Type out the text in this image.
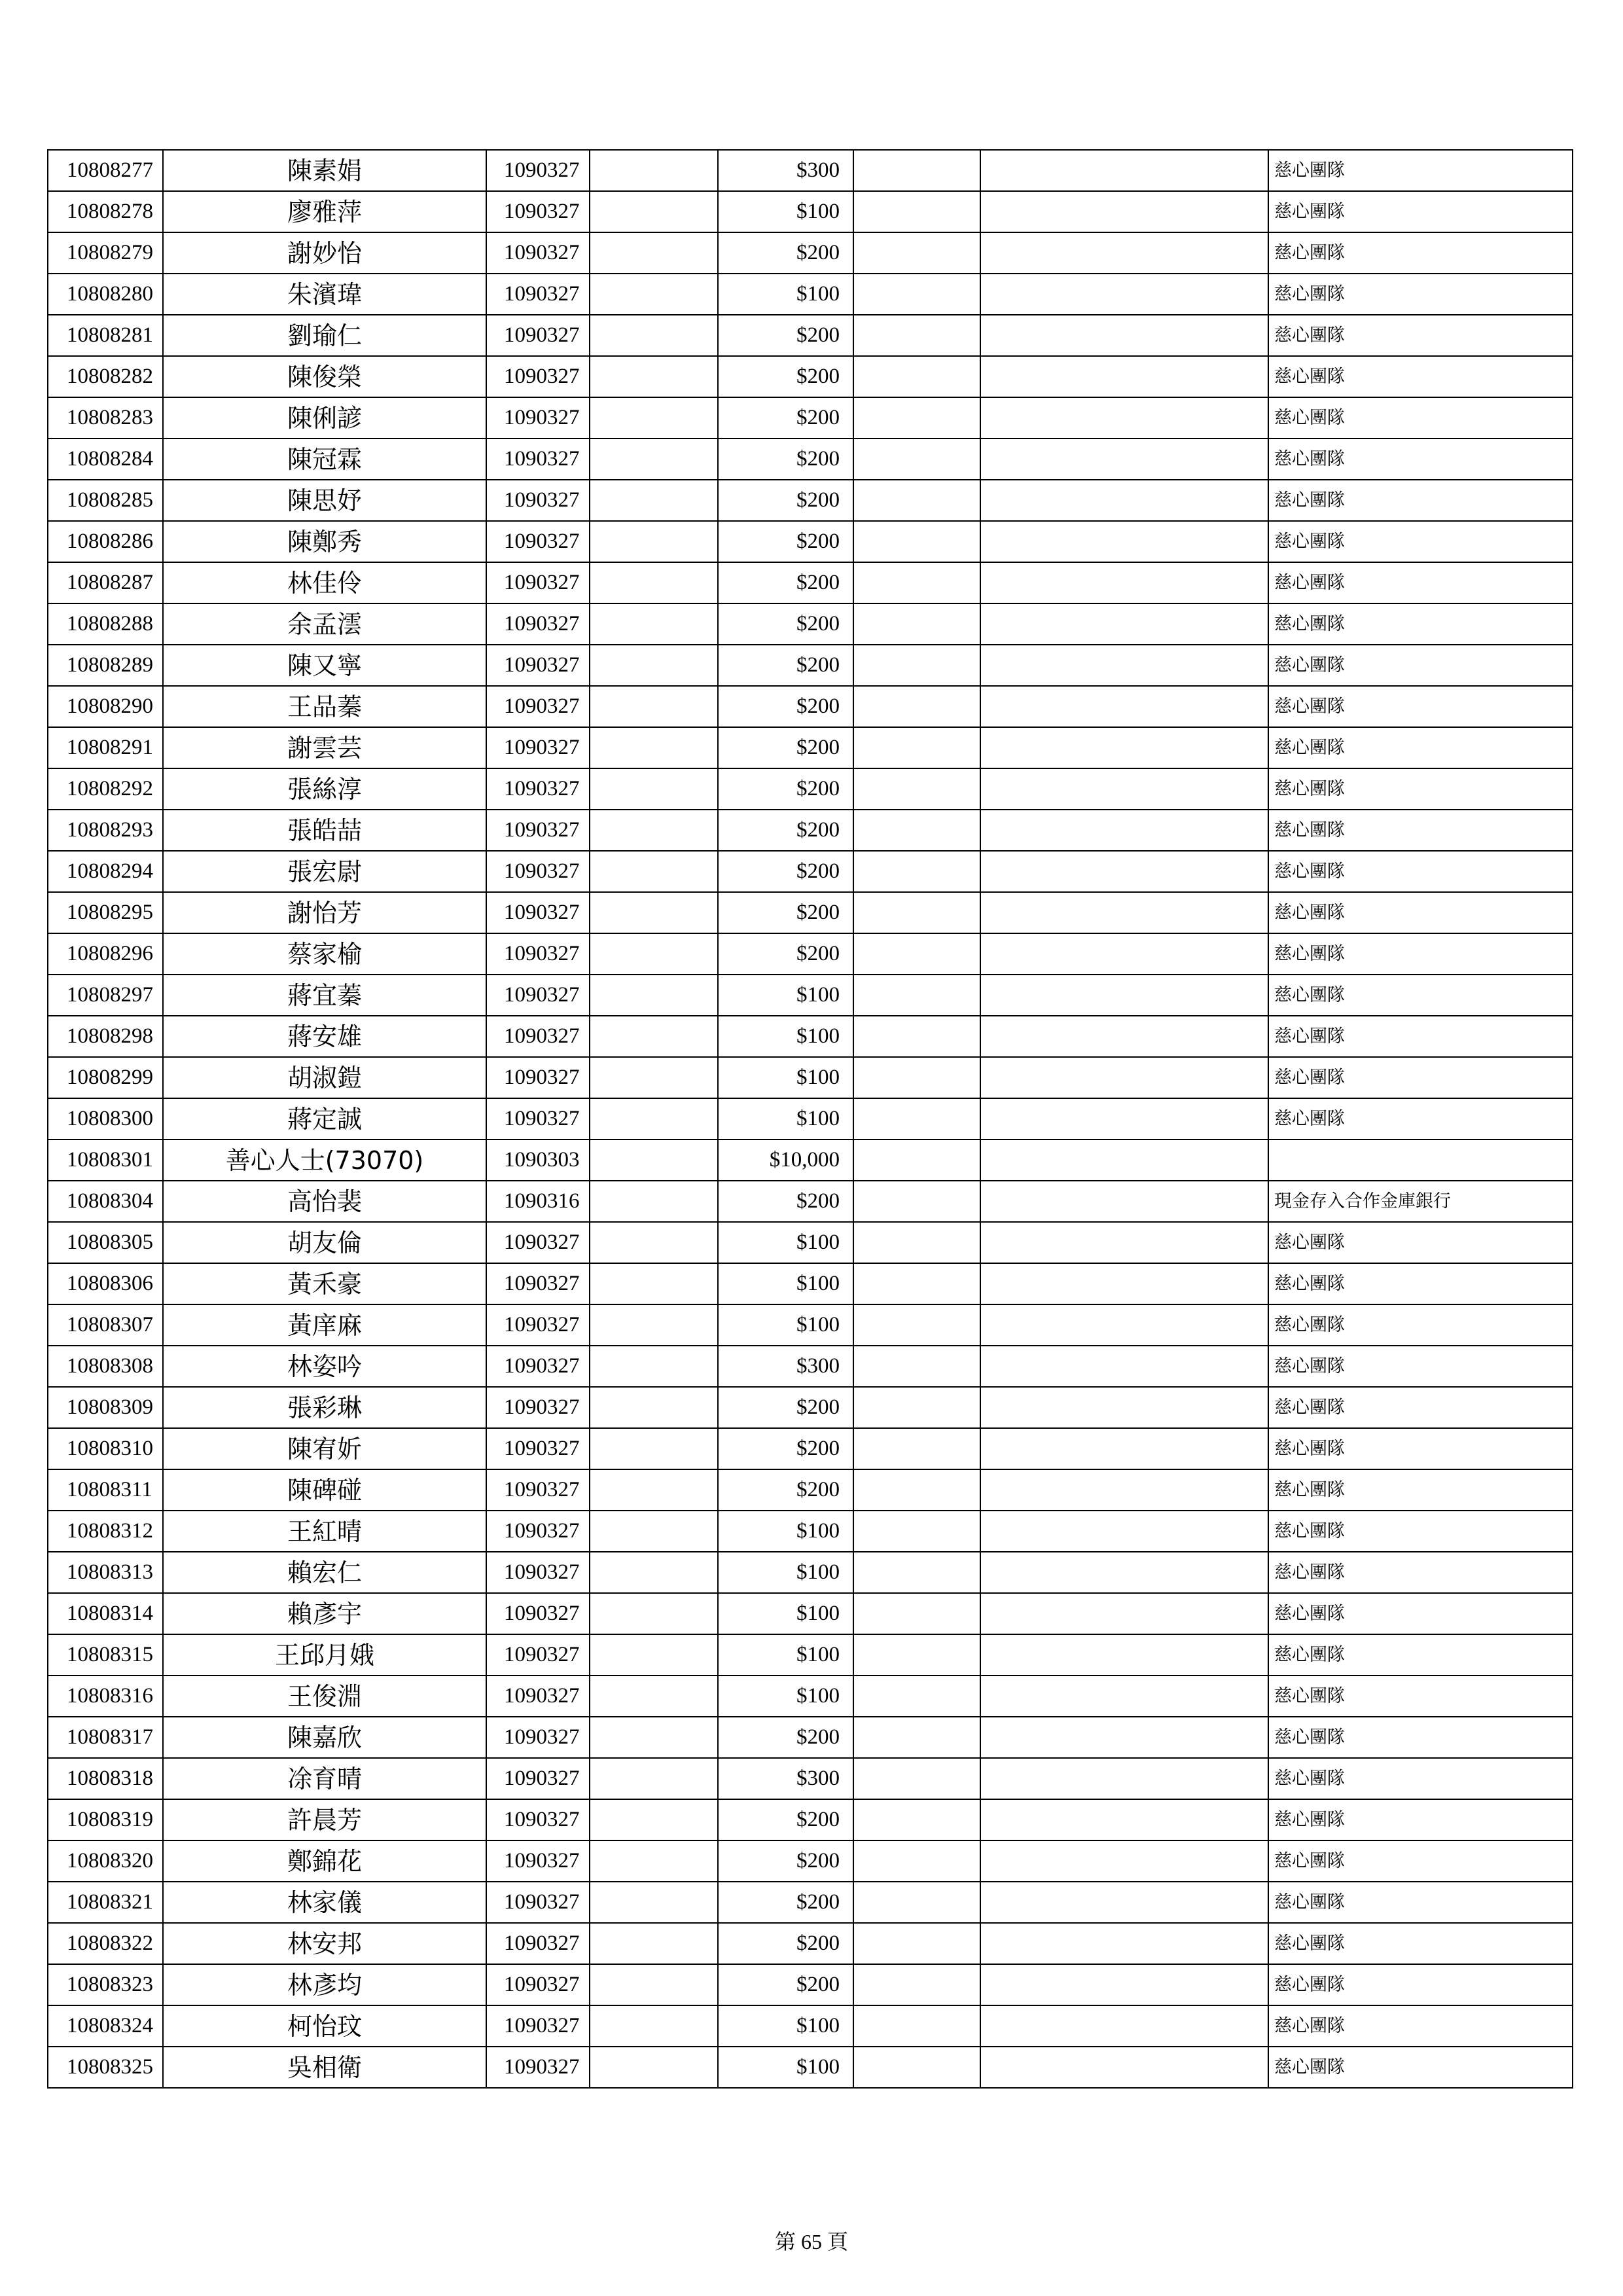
10808277	陳素娟	1090327		$300			慈心團隊
10808278	廖雅萍	1090327		$100			慈心團隊
10808279	謝妙怡	1090327		$200			慈心團隊
10808280	朱濱瑋	1090327		$100			慈心團隊
10808281	劉瑜仁	1090327		$200			慈心團隊
10808282	陳俊榮	1090327		$200			慈心團隊
10808283	陳俐諺	1090327		$200			慈心團隊
10808284	陳冠霖	1090327		$200			慈心團隊
10808285	陳思妤	1090327		$200			慈心團隊
10808286	陳鄭秀	1090327		$200			慈心團隊
10808287	林佳伶	1090327		$200			慈心團隊
10808288	余孟澐	1090327		$200			慈心團隊
10808289	陳又寧	1090327		$200			慈心團隊
10808290	王品蓁	1090327		$200			慈心團隊
10808291	謝雲芸	1090327		$200			慈心團隊
10808292	張絲淳	1090327		$200			慈心團隊
10808293	張皓喆	1090327		$200			慈心團隊
10808294	張宏尉	1090327		$200			慈心團隊
10808295	謝怡芳	1090327		$200			慈心團隊
10808296	蔡家榆	1090327		$200			慈心團隊
10808297	蔣宜蓁	1090327		$100			慈心團隊
10808298	蔣安雄	1090327		$100			慈心團隊
10808299	胡淑鎧	1090327		$100			慈心團隊
10808300	蔣定誠	1090327		$100			慈心團隊
10808301	善心人士(73070)	1090303		$10,000			
10808304	高怡裴	1090316		$200			現金存入合作金庫銀行
10808305	胡友倫	1090327		$100			慈心團隊
10808306	黃禾豪	1090327		$100			慈心團隊
10808307	黃庠麻	1090327		$100			慈心團隊
10808308	林姿吟	1090327		$300			慈心團隊
10808309	張彩琳	1090327		$200			慈心團隊
10808310	陳宥妡	1090327		$200			慈心團隊
10808311	陳碑碰	1090327		$200			慈心團隊
10808312	王紅晴	1090327		$100			慈心團隊
10808313	賴宏仁	1090327		$100			慈心團隊
10808314	賴彥宇	1090327		$100			慈心團隊
10808315	王邱月娥	1090327		$100			慈心團隊
10808316	王俊淵	1090327		$100			慈心團隊
10808317	陳嘉欣	1090327		$200			慈心團隊
10808318	凃育晴	1090327		$300			慈心團隊
10808319	許晨芳	1090327		$200			慈心團隊
10808320	鄭錦花	1090327		$200			慈心團隊
10808321	林家儀	1090327		$200			慈心團隊
10808322	林安邦	1090327		$200			慈心團隊
10808323	林彥均	1090327		$200			慈心團隊
10808324	柯怡玟	1090327		$100			慈心團隊
10808325	吳相衛	1090327		$100			慈心團隊
第 65 頁
